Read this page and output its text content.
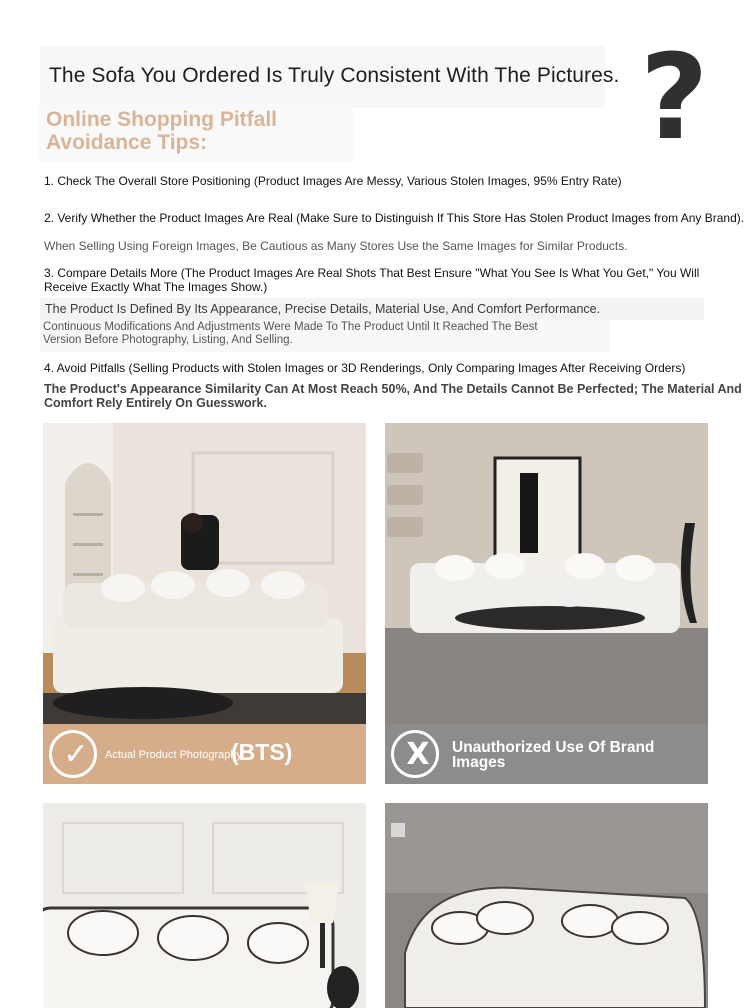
The Sofa You Ordered Is Truly Consistent With The Pictures. ?
Online Shopping Pitfall
Avoidance Tips:
1. Check The Overall Store Positioning (Product Images Are Messy, Various Stolen Images, 95% Entry Rate)
2. Verify Whether the Product Images Are Real (Make Sure to Distinguish If This Store Has Stolen Product Images from Any Brand).
When Selling Using Foreign Images, Be Cautious as Many Stores Use the Same Images for Similar Products.
3. Compare Details More (The Product Images Are Real Shots That Best Ensure "What You See Is What You Get," You Will
Receive Exactly What The Images Show.)
The Product Is Defined By Its Appearance, Precise Details, Material Use, And Comfort Performance.
Continuous Modifications And Adjustments Were Made To The Product Until It Reached The Best
Version Before Photography, Listing, And Selling.
4. Avoid Pitfalls (Selling Products with Stolen Images or 3D Renderings, Only Comparing Images After Receiving Orders)
The Product's Appearance Similarity Can At Most Reach 50%, And The Details Cannot Be Perfected; The Material And
Comfort Rely Entirely On Guesswork.
✓	(BTS)
Actual Product Photography	X	Unauthorized Use Of Brand
Images
